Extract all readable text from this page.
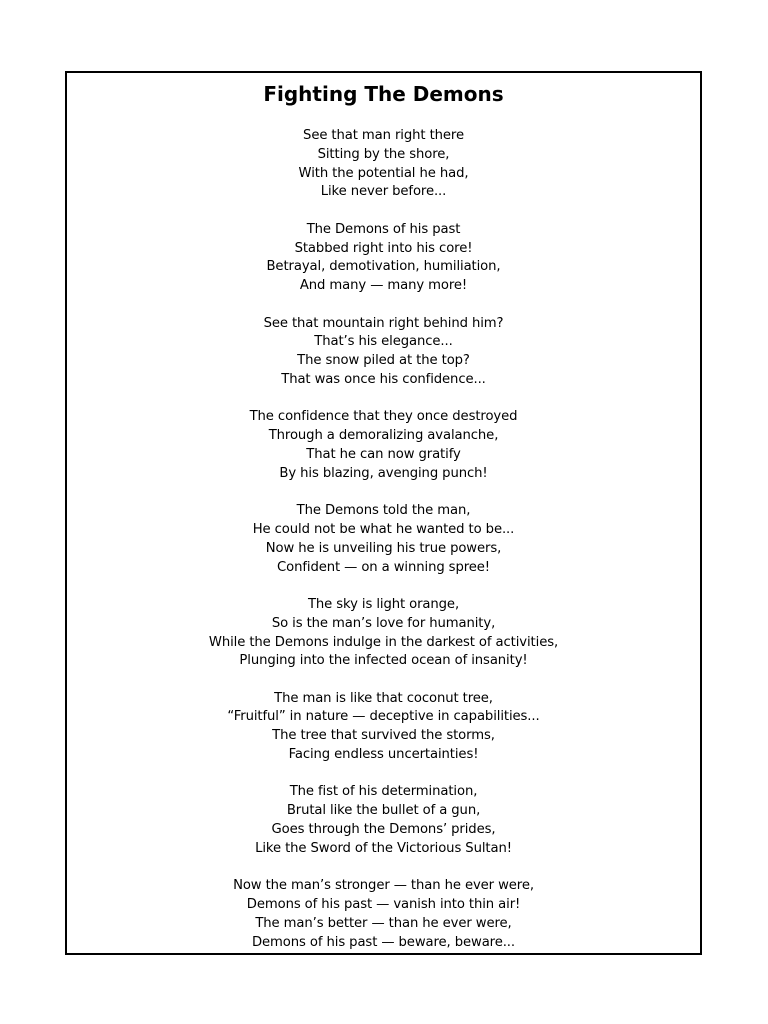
Fighting The Demons
See that man right there
Sitting by the shore,
With the potential he had,
Like never before...
The Demons of his past
Stabbed right into his core!
Betrayal, demotivation, humiliation,
And many — many more!
See that mountain right behind him?
That’s his elegance...
The snow piled at the top?
That was once his confidence...
The confidence that they once destroyed
Through a demoralizing avalanche,
That he can now gratify
By his blazing, avenging punch!
The Demons told the man,
He could not be what he wanted to be...
Now he is unveiling his true powers,
Confident — on a winning spree!
The sky is light orange,
So is the man’s love for humanity,
While the Demons indulge in the darkest of activities,
Plunging into the infected ocean of insanity!
The man is like that coconut tree,
“Fruitful” in nature — deceptive in capabilities...
The tree that survived the storms,
Facing endless uncertainties!
The fist of his determination,
Brutal like the bullet of a gun,
Goes through the Demons’ prides,
Like the Sword of the Victorious Sultan!
Now the man’s stronger — than he ever were,
Demons of his past — vanish into thin air!
The man’s better — than he ever were,
Demons of his past — beware, beware...
